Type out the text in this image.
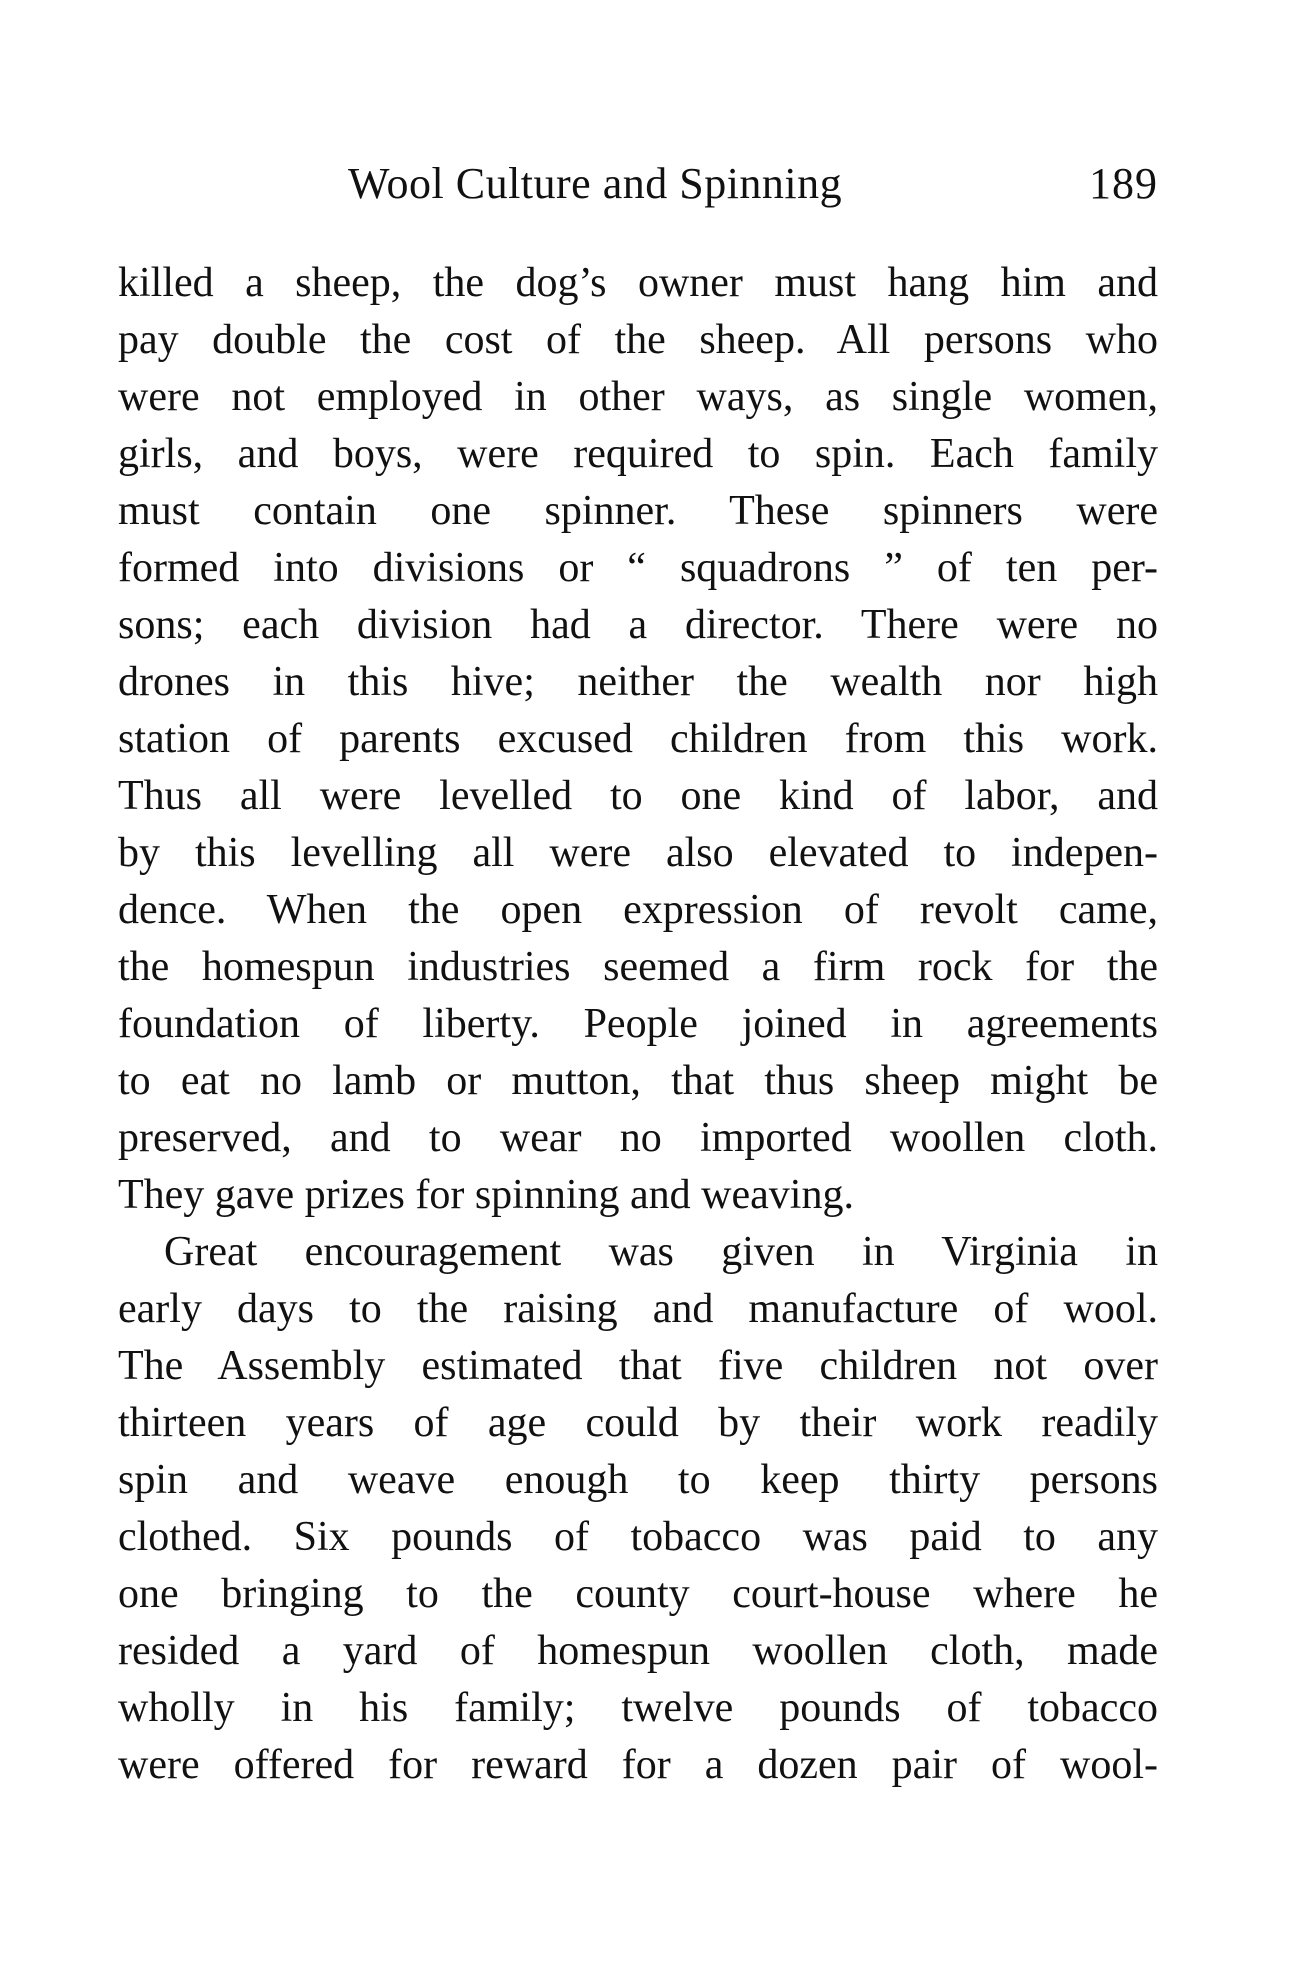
Wool Culture and Spinning	189
killed a sheep, the dog’s owner must hang him and
pay double the cost of the sheep. All persons who
were not employed in other ways, as single women,
girls, and boys, were required to spin. Each family
must contain one spinner. These spinners were
formed into divisions or “ squadrons ” of ten per-
sons; each division had a director. There were no
drones in this hive; neither the wealth nor high
station of parents excused children from this work.
Thus all were levelled to one kind of labor, and
by this levelling all were also elevated to indepen-
dence. When the open expression of revolt came,
the homespun industries seemed a firm rock for the
foundation of liberty. People joined in agreements
to eat no lamb or mutton, that thus sheep might be
preserved, and to wear no imported woollen cloth.
They gave prizes for spinning and weaving.
Great encouragement was given in Virginia in
early days to the raising and manufacture of wool.
The Assembly estimated that five children not over
thirteen years of age could by their work readily
spin and weave enough to keep thirty persons
clothed. Six pounds of tobacco was paid to any
one bringing to the county court-house where he
resided a yard of homespun woollen cloth, made
wholly in his family; twelve pounds of tobacco
were offered for reward for a dozen pair of wool-
